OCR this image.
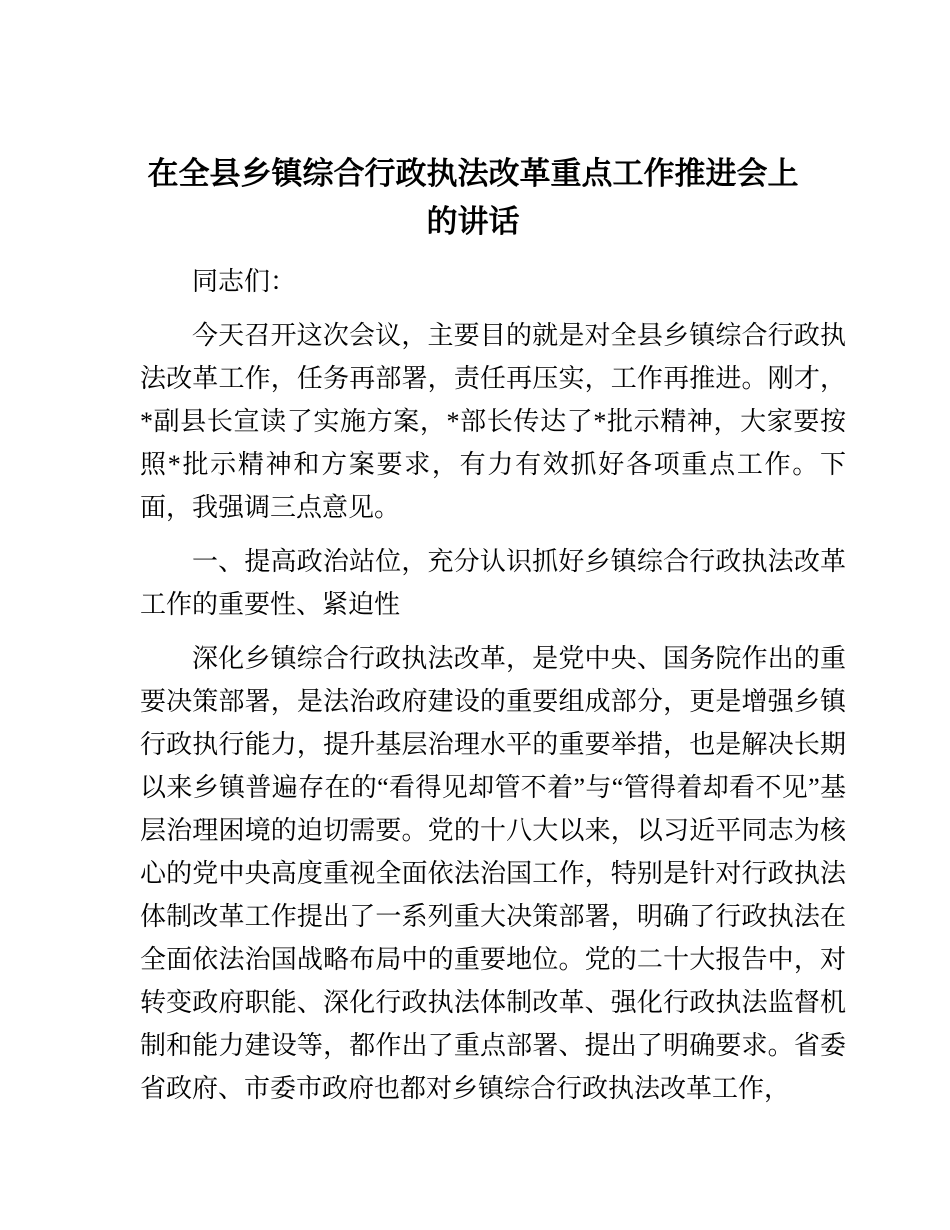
在全县乡镇综合行政执法改革重点工作推进会上的讲话

同志们：

今天召开这次会议，主要目的就是对全县乡镇综合行政执法改革工作，任务再部署，责任再压实，工作再推进。刚才，*副县长宣读了实施方案，*部长传达了*批示精神，大家要按照*批示精神和方案要求，有力有效抓好各项重点工作。下面，我强调三点意见。

一、提高政治站位，充分认识抓好乡镇综合行政执法改革工作的重要性、紧迫性

深化乡镇综合行政执法改革，是党中央、国务院作出的重要决策部署，是法治政府建设的重要组成部分，更是增强乡镇行政执行能力，提升基层治理水平的重要举措，也是解决长期以来乡镇普遍存在的“看得见却管不着”与“管得着却看不见”基层治理困境的迫切需要。党的十八大以来，以习近平同志为核心的党中央高度重视全面依法治国工作，特别是针对行政执法体制改革工作提出了一系列重大决策部署，明确了行政执法在全面依法治国战略布局中的重要地位。党的二十大报告中，对转变政府职能、深化行政执法体制改革、强化行政执法监督机制和能力建设等，都作出了重点部署、提出了明确要求。省委省政府、市委市政府也都对乡镇综合行政执法改革工作，
